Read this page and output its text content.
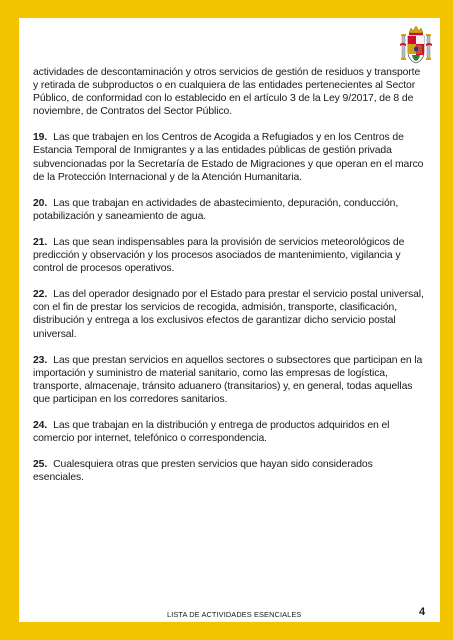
actividades de descontaminación y otros servicios de gestión de residuos y transporte y retirada de subproductos o en cualquiera de las entidades pertenecientes al Sector Público, de conformidad con lo establecido en el artículo 3 de la Ley 9/2017, de 8 de noviembre, de Contratos del Sector Público.

19. Las que trabajen en los Centros de Acogida a Refugiados y en los Centros de Estancia Temporal de Inmigrantes y a las entidades públicas de gestión privada subvencionadas por la Secretaría de Estado de Migraciones y que operan en el marco de la Protección Internacional y de la Atención Humanitaria.

20. Las que trabajan en actividades de abastecimiento, depuración, conducción, potabilización y saneamiento de agua.

21. Las que sean indispensables para la provisión de servicios meteorológicos de predicción y observación y los procesos asociados de mantenimiento, vigilancia y control de procesos operativos.

22. Las del operador designado por el Estado para prestar el servicio postal universal, con el fin de prestar los servicios de recogida, admisión, transporte, clasificación, distribución y entrega a los exclusivos efectos de garantizar dicho servicio postal universal.

23. Las que prestan servicios en aquellos sectores o subsectores que participan en la importación y suministro de material sanitario, como las empresas de logística, transporte, almacenaje, tránsito aduanero (transitarios) y, en general, todas aquellas que participan en los corredores sanitarios.

24. Las que trabajan en la distribución y entrega de productos adquiridos en el comercio por internet, telefónico o correspondencia.

25. Cualesquiera otras que presten servicios que hayan sido considerados esenciales.

LISTA DE ACTIVIDADES ESENCIALES	4
